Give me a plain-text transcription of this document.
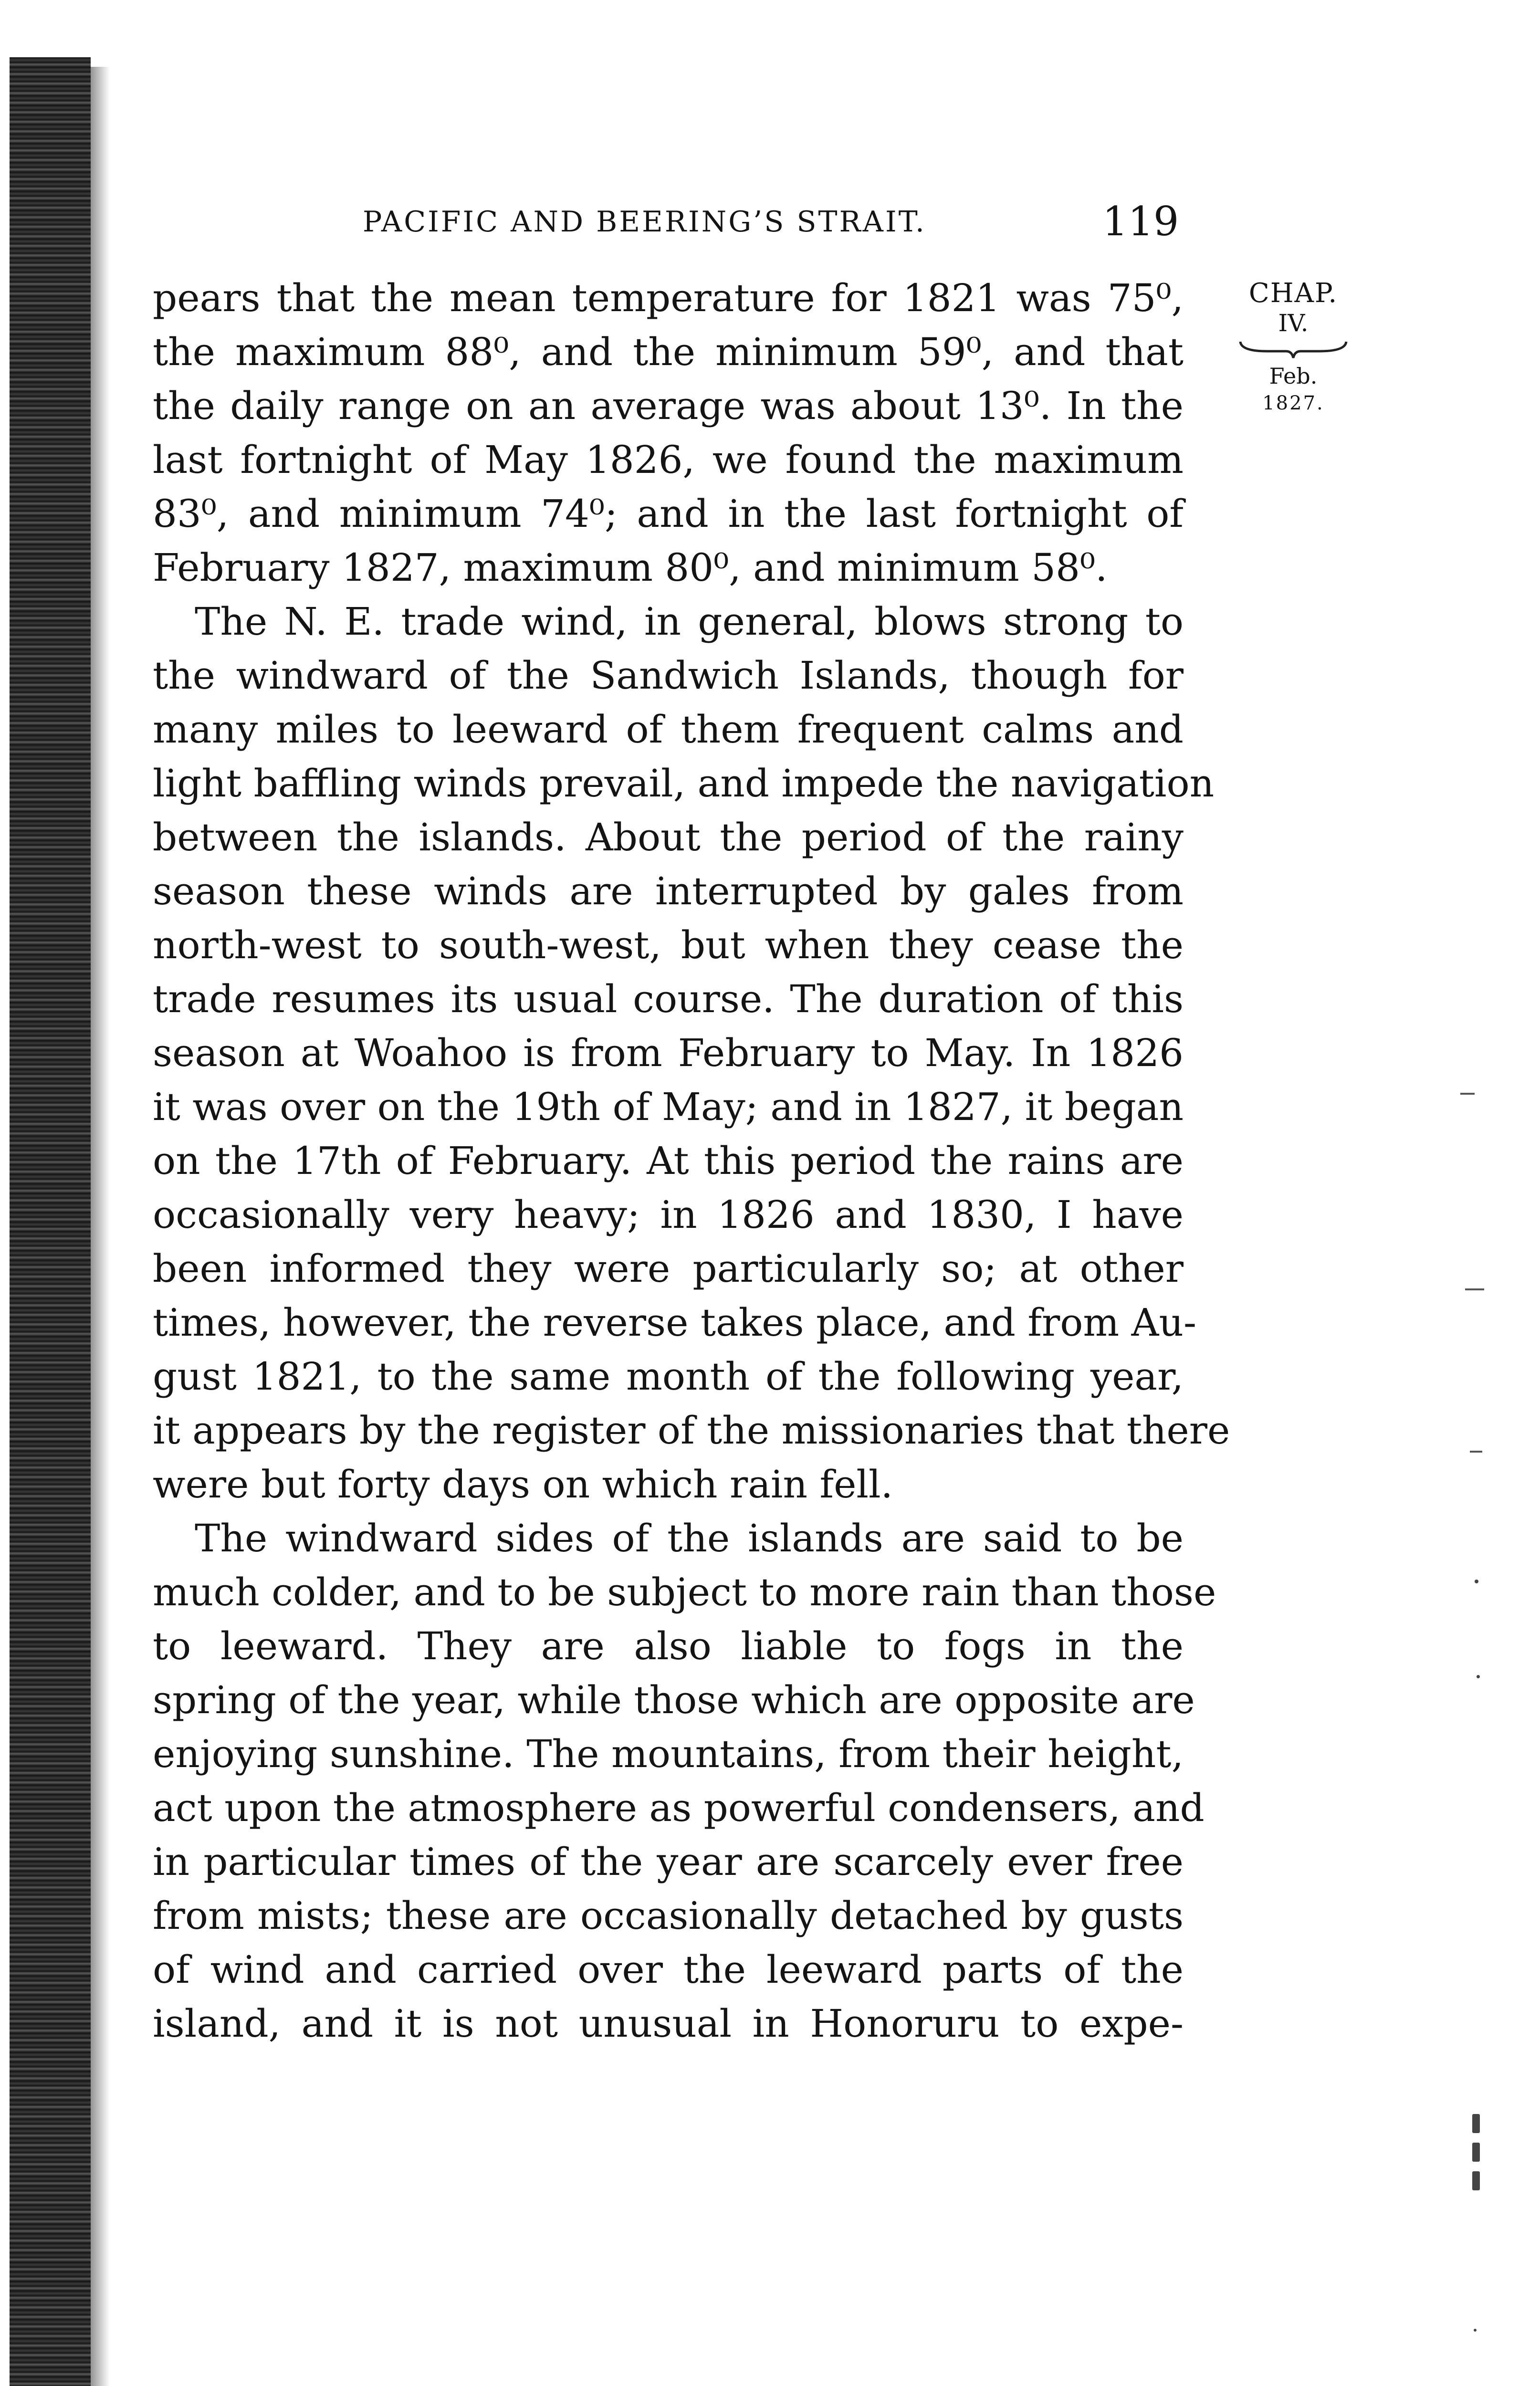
PACIFIC AND BEERING’S STRAIT.	119
CHAP.
IV.
Feb.
1827.
pears that the mean temperature for 1821 was 75⁰,
the maximum 88⁰, and the minimum 59⁰, and that
the daily range on an average was about 13⁰. In the
last fortnight of May 1826, we found the maximum
83⁰, and minimum 74⁰; and in the last fortnight of
February 1827, maximum 80⁰, and minimum 58⁰.
The N. E. trade wind, in general, blows strong to
the windward of the Sandwich Islands, though for
many miles to leeward of them frequent calms and
light baffling winds prevail, and impede the navigation
between the islands. About the period of the rainy
season these winds are interrupted by gales from
north-west to south-west, but when they cease the
trade resumes its usual course. The duration of this
season at Woahoo is from February to May. In 1826
it was over on the 19th of May; and in 1827, it began
on the 17th of February. At this period the rains are
occasionally very heavy; in 1826 and 1830, I have
been informed they were particularly so; at other
times, however, the reverse takes place, and from Au-
gust 1821, to the same month of the following year,
it appears by the register of the missionaries that there
were but forty days on which rain fell.
The windward sides of the islands are said to be
much colder, and to be subject to more rain than those
to leeward. They are also liable to fogs in the
spring of the year, while those which are opposite are
enjoying sunshine. The mountains, from their height,
act upon the atmosphere as powerful condensers, and
in particular times of the year are scarcely ever free
from mists; these are occasionally detached by gusts
of wind and carried over the leeward parts of the
island, and it is not unusual in Honoruru to expe-
